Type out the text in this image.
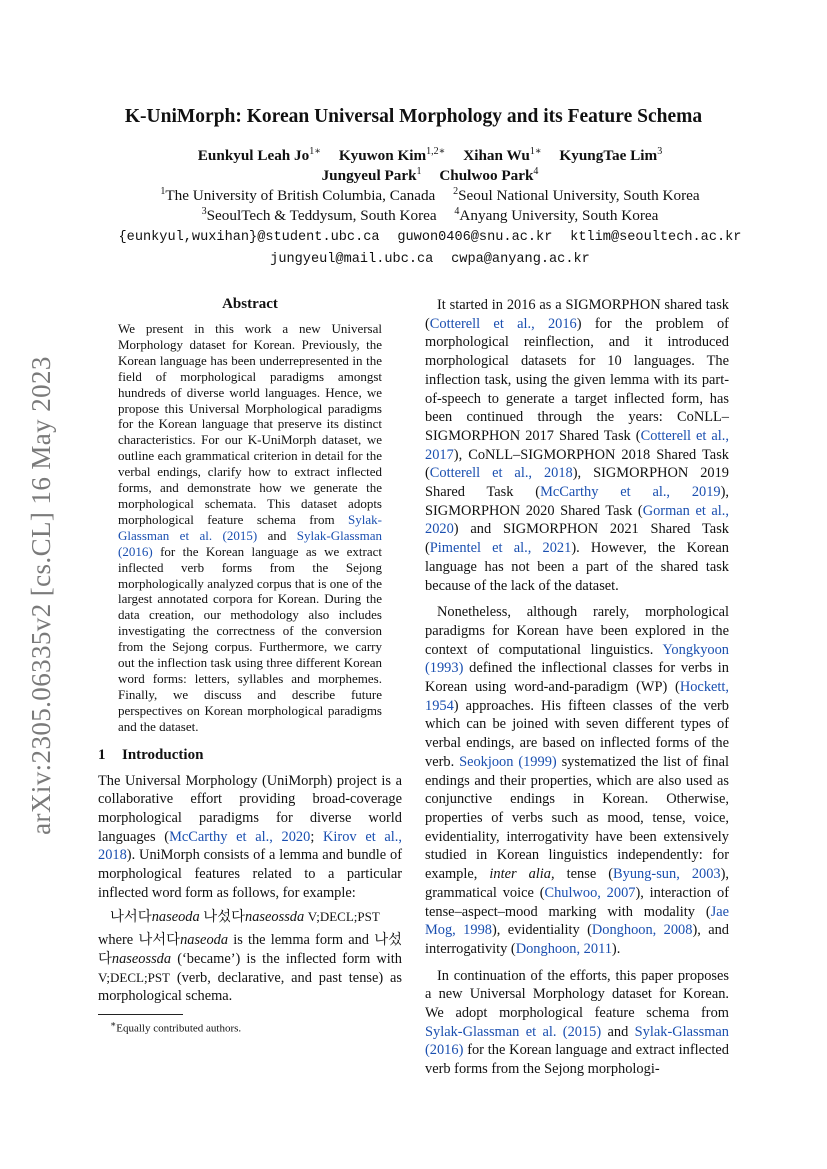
arXiv:2305.06335v2 [cs.CL] 16 May 2023
K-UniMorph: Korean Universal Morphology and its Feature Schema
Eunkyul Leah $Jo^{1∗}$ Kyuwon Kim$^{1,2∗}$ Xihan $Wu^{1∗}$ KyungTae Lim$^3$
Jungyeul Park$^1$ Chulwoo Park$^4$
$^1$The University of British Columbia, Canada $^2$Seoul National University, South Korea
$^3$SeoulTech & Teddysum, South Korea $^4$Anyang University, South Korea
{eunkyul,wuxihan}@student.ubc.ca guwon0406@snu.ac.kr ktlim@seoultech.ac.kr
jungyeul@mail.ubc.ca cwpa@anyang.ac.kr
Abstract

We present in this work a new Universal Morphology dataset for Korean. Previously, the Korean language has been underrepresented in the field of morphological paradigms amongst hundreds of diverse world languages. Hence, we propose this Universal Morphological paradigms for the Korean language that preserve its distinct characteristics. For our K-UniMorph dataset, we outline each grammatical criterion in detail for the verbal endings, clarify how to extract inflected forms, and demonstrate how we generate the morphological schemata. This dataset adopts morphological feature schema from Sylak-Glassman et al. (2015) and Sylak-Glassman (2016) for the Korean language as we extract inflected verb forms from the Sejong morphologically analyzed corpus that is one of the largest annotated corpora for Korean. During the data creation, our methodology also includes investigating the correctness of the conversion from the Sejong corpus. Furthermore, we carry out the inflection task using three different Korean word forms: letters, syllables and morphemes. Finally, we discuss and describe future perspectives on Korean morphological paradigms and the dataset.

1 Introduction

The Universal Morphology (UniMorph) project is a collaborative effort providing broad-coverage morphological paradigms for diverse world languages (McCarthy et al., 2020; Kirov et al., 2018). UniMorph consists of a lemma and bundle of morphological features related to a particular inflected word form as follows, for example:

나서다naseoda 나섰다naseossda V;DECL;PST

where 나서다naseoda is the lemma form and 나섰다naseossda (‘became’) is the inflected form with V;DECL;PST (verb, declarative, and past tense) as morphological schema.

∗Equally contributed authors.

It started in 2016 as a SIGMORPHON shared task (Cotterell et al., 2016) for the problem of morphological reinflection, and it introduced morphological datasets for 10 languages. The inflection task, using the given lemma with its part-of-speech to generate a target inflected form, has been continued through the years: CoNLL–SIGMORPHON 2017 Shared Task (Cotterell et al., 2017), CoNLL–SIGMORPHON 2018 Shared Task (Cotterell et al., 2018), SIGMORPHON 2019 Shared Task (McCarthy et al., 2019), SIGMORPHON 2020 Shared Task (Gorman et al., 2020) and SIGMORPHON 2021 Shared Task (Pimentel et al., 2021). However, the Korean language has not been a part of the shared task because of the lack of the dataset.

Nonetheless, although rarely, morphological paradigms for Korean have been explored in the context of computational linguistics. Yongkyoon (1993) defined the inflectional classes for verbs in Korean using word-and-paradigm (WP) (Hockett, 1954) approaches. His fifteen classes of the verb which can be joined with seven different types of verbal endings, are based on inflected forms of the verb. Seokjoon (1999) systematized the list of final endings and their properties, which are also used as conjunctive endings in Korean. Otherwise, properties of verbs such as mood, tense, voice, evidentiality, interrogativity have been extensively studied in Korean linguistics independently: for example, inter alia, tense (Byung-sun, 2003), grammatical voice (Chulwoo, 2007), interaction of tense–aspect–mood marking with modality (Jae Mog, 1998), evidentiality (Donghoon, 2008), and interrogativity (Donghoon, 2011).

In continuation of the efforts, this paper proposes a new Universal Morphology dataset for Korean. We adopt morphological feature schema from Sylak-Glassman et al. (2015) and Sylak-Glassman (2016) for the Korean language and extract inflected verb forms from the Sejong morphologi-
